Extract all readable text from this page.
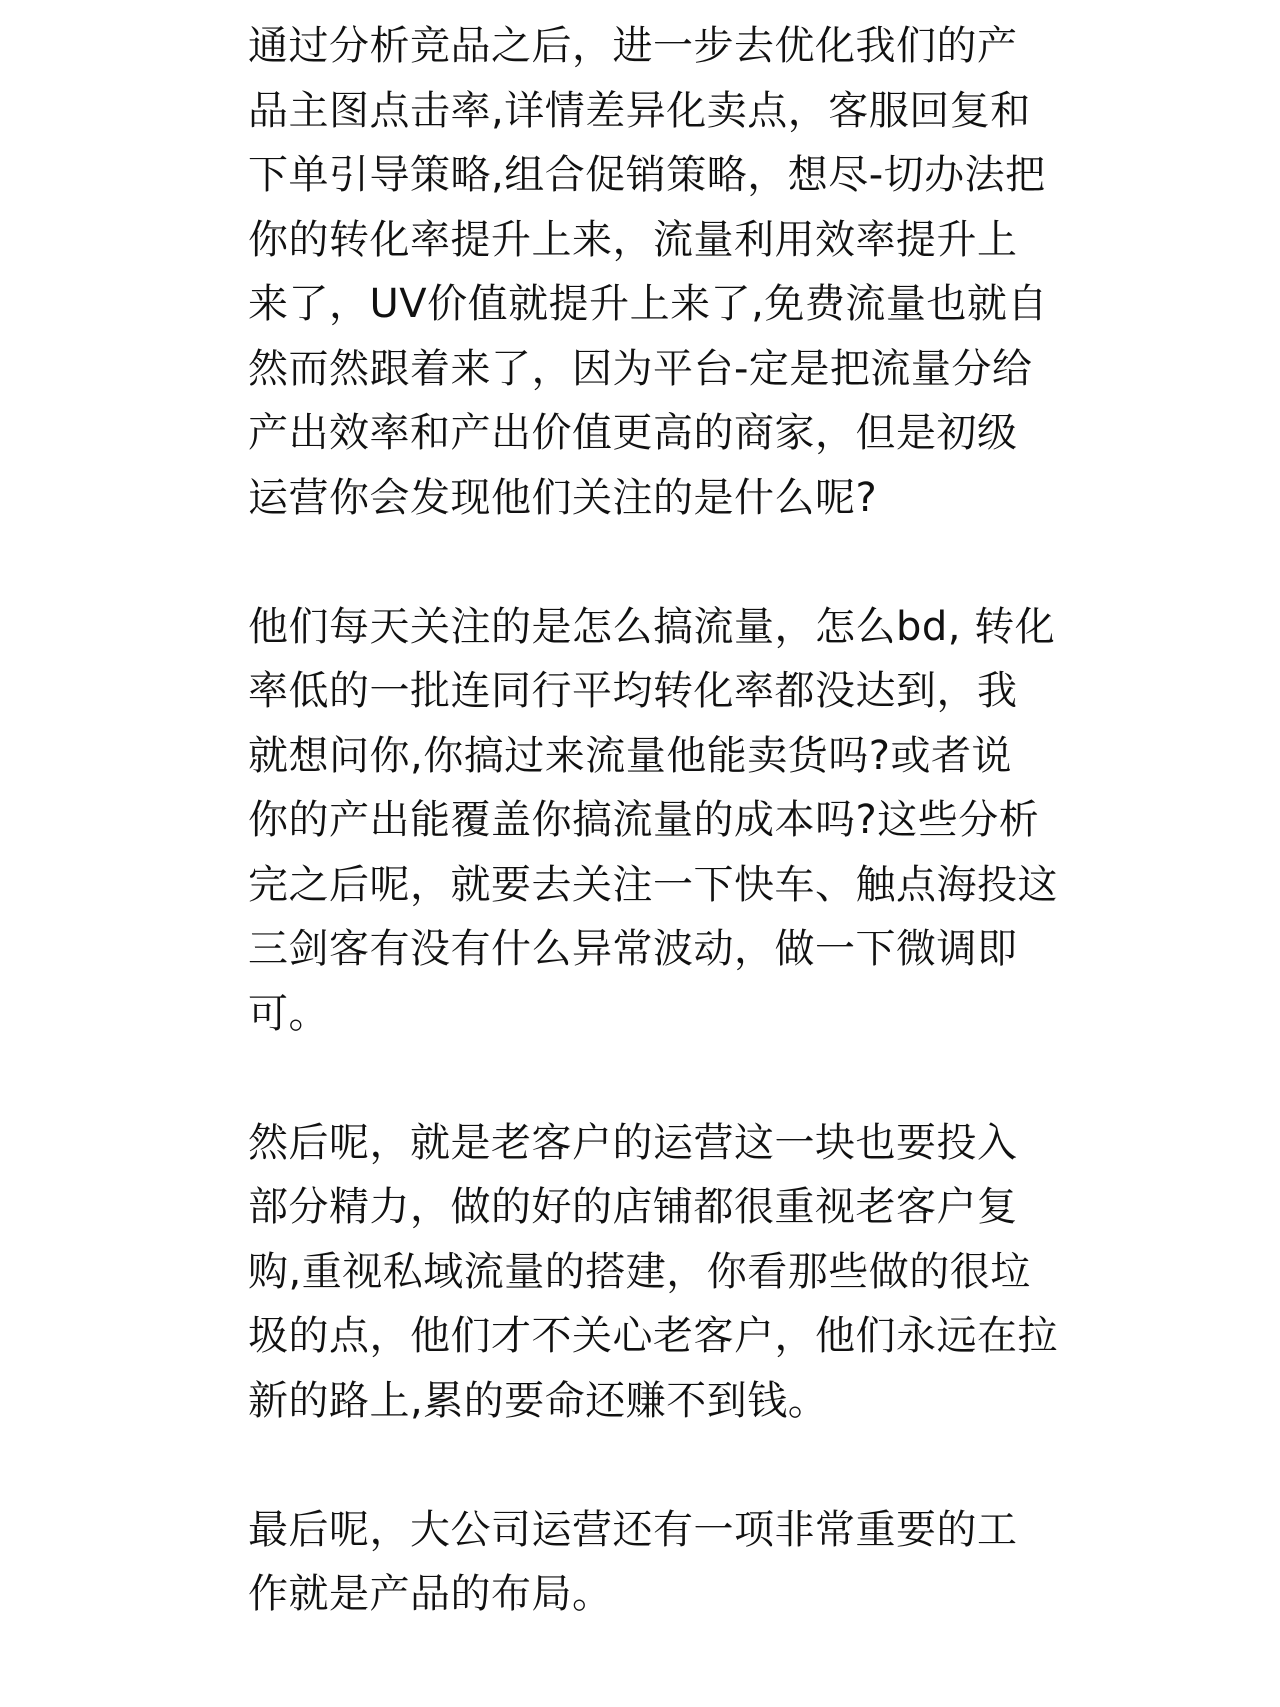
通过分析竞品之后，进一步去优化我们的产
品主图点击率,详情差异化卖点，客服回复和
下单引导策略,组合促销策略，想尽-切办法把
你的转化率提升上来，流量利用效率提升上
来了，UV价值就提升上来了,免费流量也就自
然而然跟着来了，因为平台-定是把流量分给
产出效率和产出价值更高的商家，但是初级
运营你会发现他们关注的是什么呢?

他们每天关注的是怎么搞流量，怎么bd, 转化
率低的一批连同行平均转化率都没达到，我
就想问你,你搞过来流量他能卖货吗?或者说
你的产出能覆盖你搞流量的成本吗?这些分析
完之后呢，就要去关注一下快车、触点海投这
三剑客有没有什么异常波动，做一下微调即
可。

然后呢，就是老客户的运营这一块也要投入
部分精力，做的好的店铺都很重视老客户复
购,重视私域流量的搭建，你看那些做的很垃
圾的点，他们才不关心老客户，他们永远在拉
新的路上,累的要命还赚不到钱。

最后呢，大公司运营还有一项非常重要的工
作就是产品的布局。
